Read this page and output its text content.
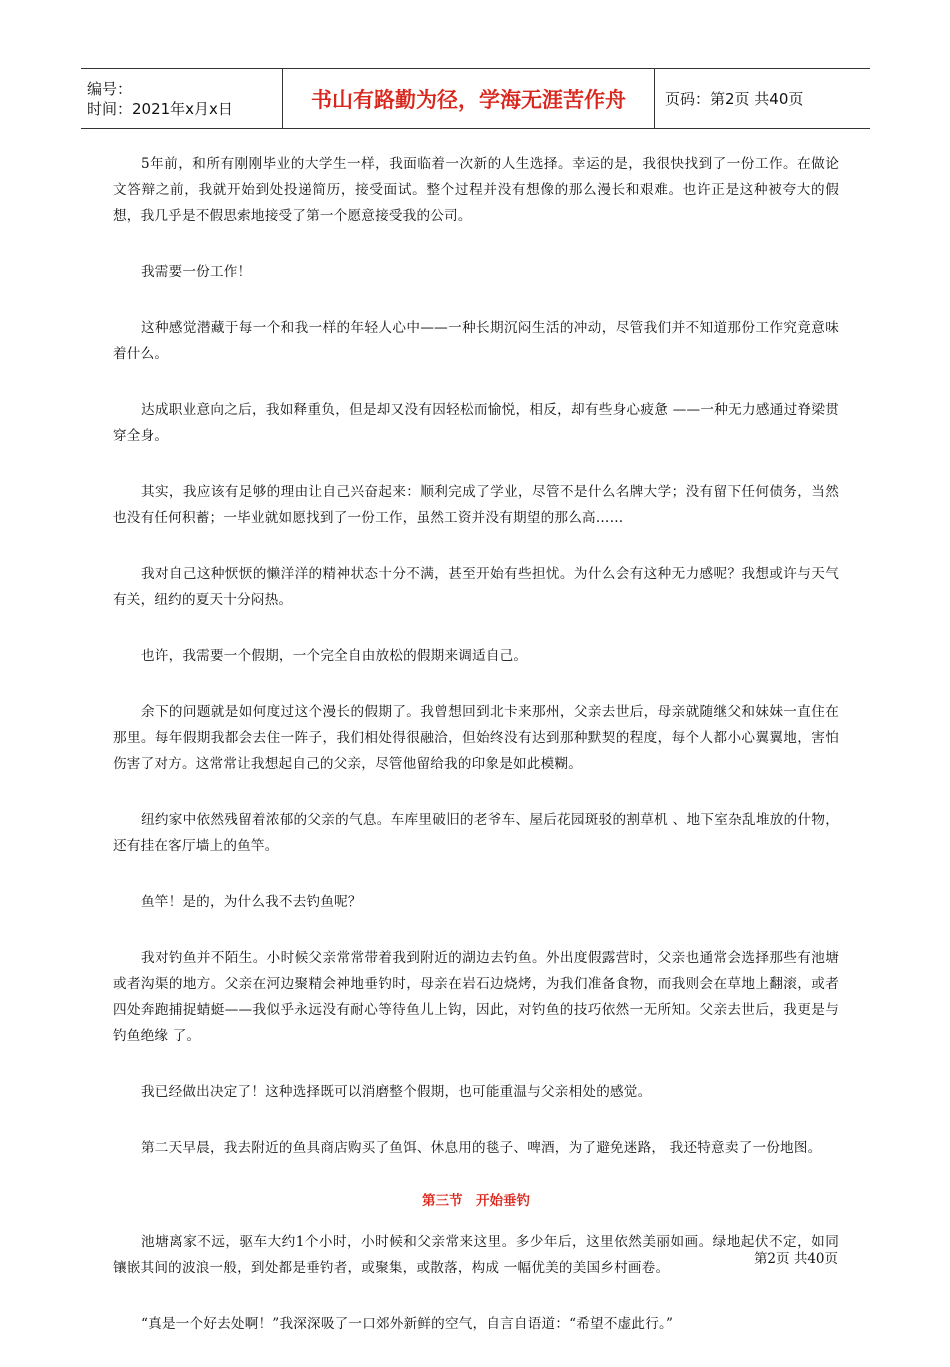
编号：
时间：2021年x月x日	书山有路勤为径，学海无涯苦作舟	页码：第2页 共40页

5年前，和所有刚刚毕业的大学生一样，我面临着一次新的人生选择。幸运的是，我很快找到了一份工作。在做论文答辩之前，我就开始到处投递简历，接受面试。整个过程并没有想像的那么漫长和艰难。也许正是这种被夸大的假想，我几乎是不假思索地接受了第一个愿意接受我的公司。

我需要一份工作！

这种感觉潜藏于每一个和我一样的年轻人心中——一种长期沉闷生活的冲动，尽管我们并不知道那份工作究竟意味着什么。

达成职业意向之后，我如释重负，但是却又没有因轻松而愉悦，相反，却有些身心疲惫 ——一种无力感通过脊梁贯穿全身。

其实，我应该有足够的理由让自己兴奋起来：顺利完成了学业，尽管不是什么名牌大学；没有留下任何债务，当然也没有任何积蓄；一毕业就如愿找到了一份工作，虽然工资并没有期望的那么高……

我对自己这种恹恹的懒洋洋的精神状态十分不满，甚至开始有些担忧。为什么会有这种无力感呢？我想或许与天气有关，纽约的夏天十分闷热。

也许，我需要一个假期，一个完全自由放松的假期来调适自己。

余下的问题就是如何度过这个漫长的假期了。我曾想回到北卡来那州，父亲去世后，母亲就随继父和妹妹一直住在那里。每年假期我都会去住一阵子，我们相处得很融洽，但始终没有达到那种默契的程度，每个人都小心翼翼地，害怕伤害了对方。这常常让我想起自己的父亲，尽管他留给我的印象是如此模糊。

纽约家中依然残留着浓郁的父亲的气息。车库里破旧的老爷车、屋后花园斑驳的割草机 、地下室杂乱堆放的什物，还有挂在客厅墙上的鱼竿。

鱼竿！是的，为什么我不去钓鱼呢？

我对钓鱼并不陌生。小时候父亲常常带着我到附近的湖边去钓鱼。外出度假露营时，父亲也通常会选择那些有池塘或者沟渠的地方。父亲在河边聚精会神地垂钓时，母亲在岩石边烧烤，为我们准备食物，而我则会在草地上翻滚，或者四处奔跑捕捉蜻蜓——我似乎永远没有耐心等待鱼儿上钩，因此，对钓鱼的技巧依然一无所知。父亲去世后，我更是与钓鱼绝缘 了。

我已经做出决定了！这种选择既可以消磨整个假期，也可能重温与父亲相处的感觉。

第二天早晨，我去附近的鱼具商店购买了鱼饵、休息用的毯子、啤酒，为了避免迷路， 我还特意卖了一份地图。

第三节　开始垂钓

池塘离家不远，驱车大约1个小时，小时候和父亲常来这里。多少年后，这里依然美丽如画。绿地起伏不定，如同镶嵌其间的波浪一般，到处都是垂钓者，或聚集，或散落，构成 一幅优美的美国乡村画卷。

“真是一个好去处啊！”我深深吸了一口郊外新鲜的空气，自言自语道：“希望不虚此行。”

第2页 共40页
